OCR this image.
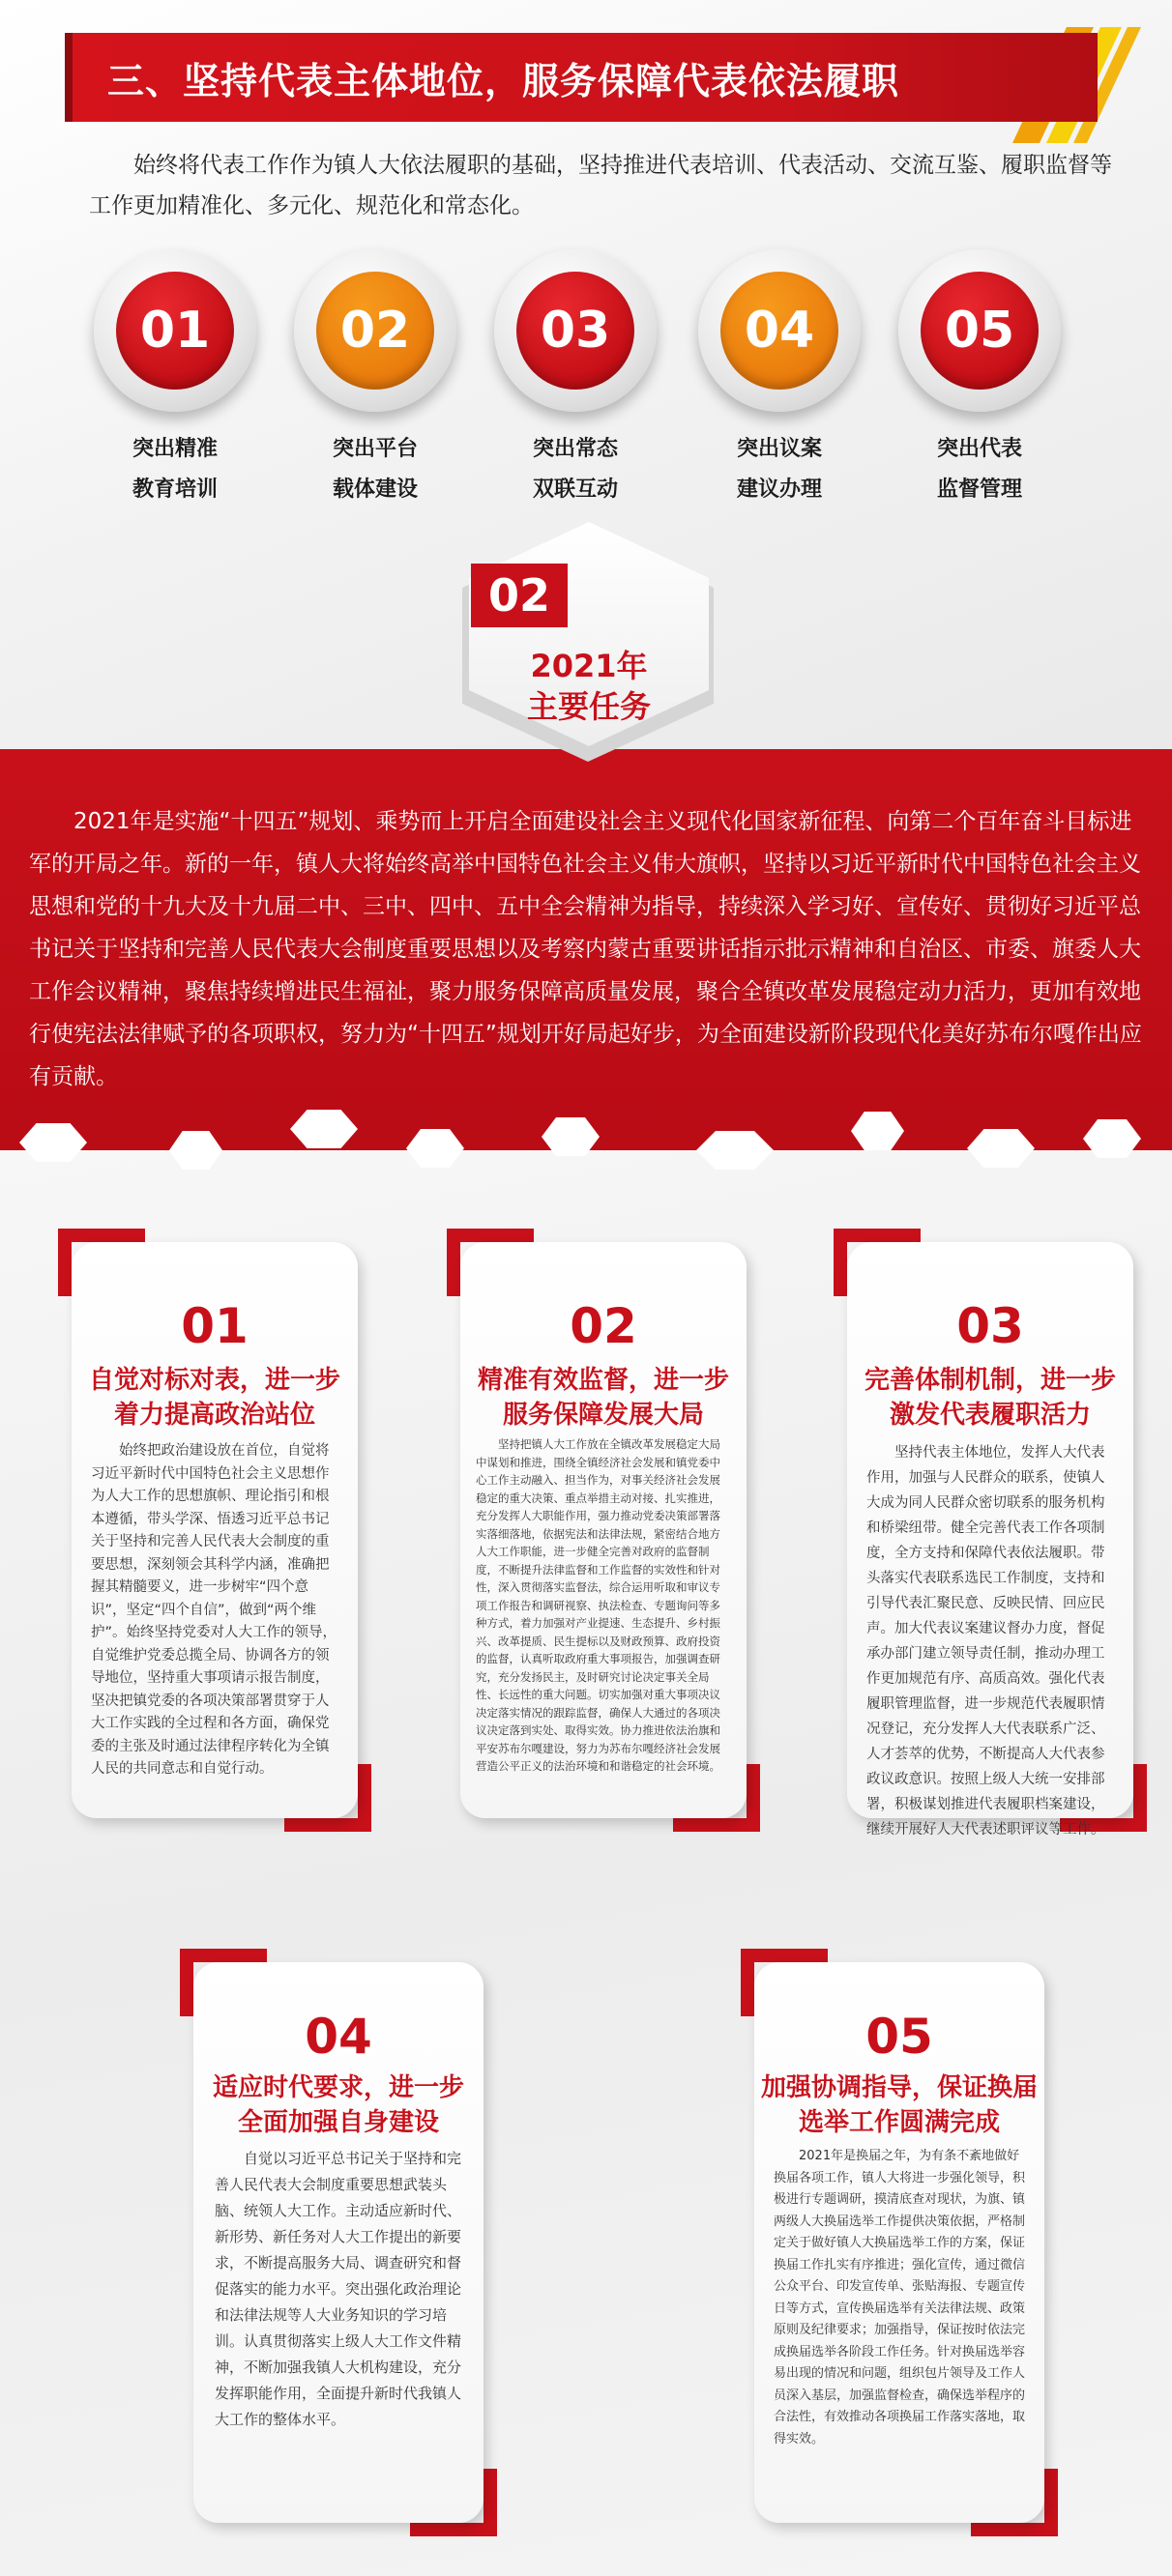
三、坚持代表主体地位，服务保障代表依法履职

始终将代表工作作为镇人大依法履职的基础，坚持推进代表培训、代表活动、交流互鉴、履职监督等工作更加精准化、多元化、规范化和常态化。

01
突出精准
教育培训
02
突出平台
载体建设
03
突出常态
双联互动
04
突出议案
建议办理
05
突出代表
监督管理

2021年是实施“十四五”规划、乘势而上开启全面建设社会主义现代化国家新征程、向第二个百年奋斗目标进军的开局之年。新的一年，镇人大将始终高举中国特色社会主义伟大旗帜，坚持以习近平新时代中国特色社会主义思想和党的十九大及十九届二中、三中、四中、五中全会精神为指导，持续深入学习好、宣传好、贯彻好习近平总书记关于坚持和完善人民代表大会制度重要思想以及考察内蒙古重要讲话指示批示精神和自治区、市委、旗委人大工作会议精神，聚焦持续增进民生福祉，聚力服务保障高质量发展，聚合全镇改革发展稳定动力活力，更加有效地行使宪法法律赋予的各项职权，努力为“十四五”规划开好局起好步，为全面建设新阶段现代化美好苏布尔嘎作出应有贡献。

02
2021年
主要任务
01
自觉对标对表，进一步
着力提高政治站位

始终把政治建设放在首位，自觉将习近平新时代中国特色社会主义思想作为人大工作的思想旗帜、理论指引和根本遵循，带头学深、悟透习近平总书记关于坚持和完善人民代表大会制度的重要思想，深刻领会其科学内涵，准确把握其精髓要义，进一步树牢“四个意识”，坚定“四个自信”，做到“两个维护”。始终坚持党委对人大工作的领导，自觉维护党委总揽全局、协调各方的领导地位，坚持重大事项请示报告制度，坚决把镇党委的各项决策部署贯穿于人大工作实践的全过程和各方面，确保党委的主张及时通过法律程序转化为全镇人民的共同意志和自觉行动。

02
精准有效监督，进一步
服务保障发展大局

坚持把镇人大工作放在全镇改革发展稳定大局中谋划和推进，围绕全镇经济社会发展和镇党委中心工作主动融入、担当作为，对事关经济社会发展稳定的重大决策、重点举措主动对接、扎实推进，充分发挥人大职能作用，强力推动党委决策部署落实落细落地，依据宪法和法律法规，紧密结合地方人大工作职能，进一步健全完善对政府的监督制度，不断提升法律监督和工作监督的实效性和针对性，深入贯彻落实监督法，综合运用听取和审议专项工作报告和调研视察、执法检查、专题询问等多种方式，着力加强对产业提速、生态提升、乡村振兴、改革提质、民生提标以及财政预算、政府投资的监督，认真听取政府重大事项报告，加强调查研究，充分发扬民主，及时研究讨论决定事关全局性、长远性的重大问题。切实加强对重大事项决议决定落实情况的跟踪监督，确保人大通过的各项决议决定落到实处、取得实效。协力推进依法治旗和平安苏布尔嘎建设，努力为苏布尔嘎经济社会发展营造公平正义的法治环境和和谐稳定的社会环境。

03
完善体制机制，进一步
激发代表履职活力

坚持代表主体地位，发挥人大代表作用，加强与人民群众的联系，使镇人大成为同人民群众密切联系的服务机构和桥梁纽带。健全完善代表工作各项制度，全方支持和保障代表依法履职。带头落实代表联系选民工作制度，支持和引导代表汇聚民意、反映民情、回应民声。加大代表议案建议督办力度，督促承办部门建立领导责任制，推动办理工作更加规范有序、高质高效。强化代表履职管理监督，进一步规范代表履职情况登记，充分发挥人大代表联系广泛、人才荟萃的优势，不断提高人大代表参政议政意识。按照上级人大统一安排部署，积极谋划推进代表履职档案建设，继续开展好人大代表述职评议等工作。

04
适应时代要求，进一步
全面加强自身建设

自觉以习近平总书记关于坚持和完善人民代表大会制度重要思想武装头脑、统领人大工作。主动适应新时代、新形势、新任务对人大工作提出的新要求，不断提高服务大局、调查研究和督促落实的能力水平。突出强化政治理论和法律法规等人大业务知识的学习培训。认真贯彻落实上级人大工作文件精神，不断加强我镇人大机构建设，充分发挥职能作用，全面提升新时代我镇人大工作的整体水平。

05
加强协调指导，保证换届
选举工作圆满完成

2021年是换届之年，为有条不紊地做好换届各项工作，镇人大将进一步强化领导，积极进行专题调研，摸清底查对现状，为旗、镇两级人大换届选举工作提供决策依据，严格制定关于做好镇人大换届选举工作的方案，保证换届工作扎实有序推进；强化宣传，通过微信公众平台、印发宣传单、张贴海报、专题宣传日等方式，宣传换届选举有关法律法规、政策原则及纪律要求；加强指导，保证按时依法完成换届选举各阶段工作任务。针对换届选举容易出现的情况和问题，组织包片领导及工作人员深入基层，加强监督检查，确保选举程序的合法性，有效推动各项换届工作落实落地，取得实效。
